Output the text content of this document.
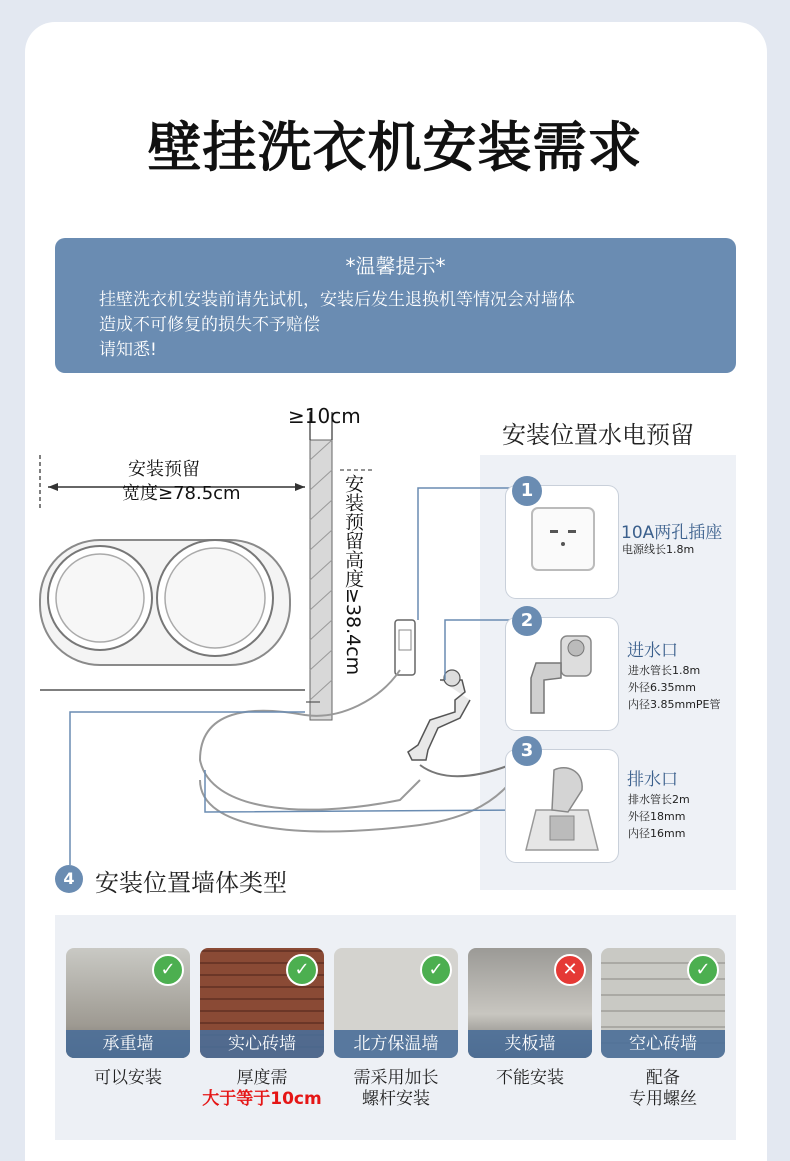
壁挂洗衣机安装需求
*温馨提示*
挂壁洗衣机安装前请先试机，安装后发生退换机等情况会对墙体
造成不可修复的损失不予赔偿
请知悉!
≥10cm
安装预留
宽度≥78.5cm	安装预留高度≥38.4cm
安装位置水电预留
1
10A两孔插座
电源线长1.8m
2
进水口
进水管长1.8m
外径6.35mm
内径3.85mmPE管
3
排水口
排水管长2m
外径18mm
内径16mm
4 安装位置墙体类型
✓
承重墙
可以安装
✓
实心砖墙
厚度需
大于等于10cm
✓
北方保温墙
需采用加长
螺杆安装
✕
夹板墙
不能安装
✓
空心砖墙
配备
专用螺丝
